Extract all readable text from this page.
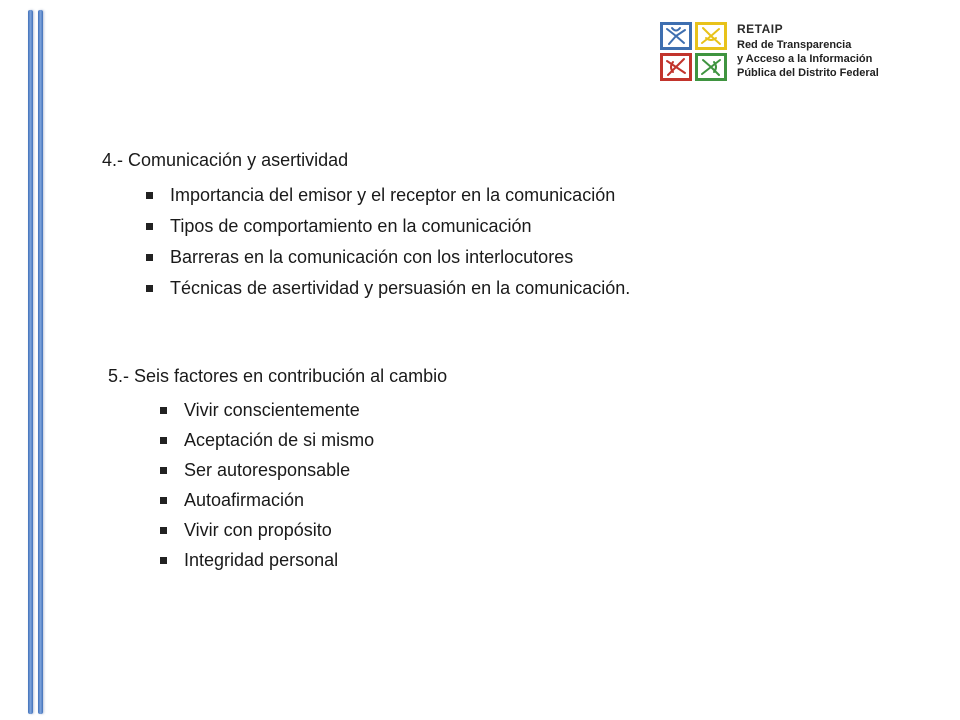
RETAIP
Red de Transparencia
y Acceso a la Información
Pública del Distrito Federal
4.- Comunicación y asertividad
Importancia del emisor y el receptor en la comunicación
Tipos de comportamiento en la comunicación
Barreras en la comunicación con los interlocutores
Técnicas de asertividad y persuasión en la comunicación.
5.- Seis factores en contribución al cambio
Vivir conscientemente
Aceptación de si mismo
Ser autoresponsable
Autoafirmación
Vivir con propósito
Integridad personal
